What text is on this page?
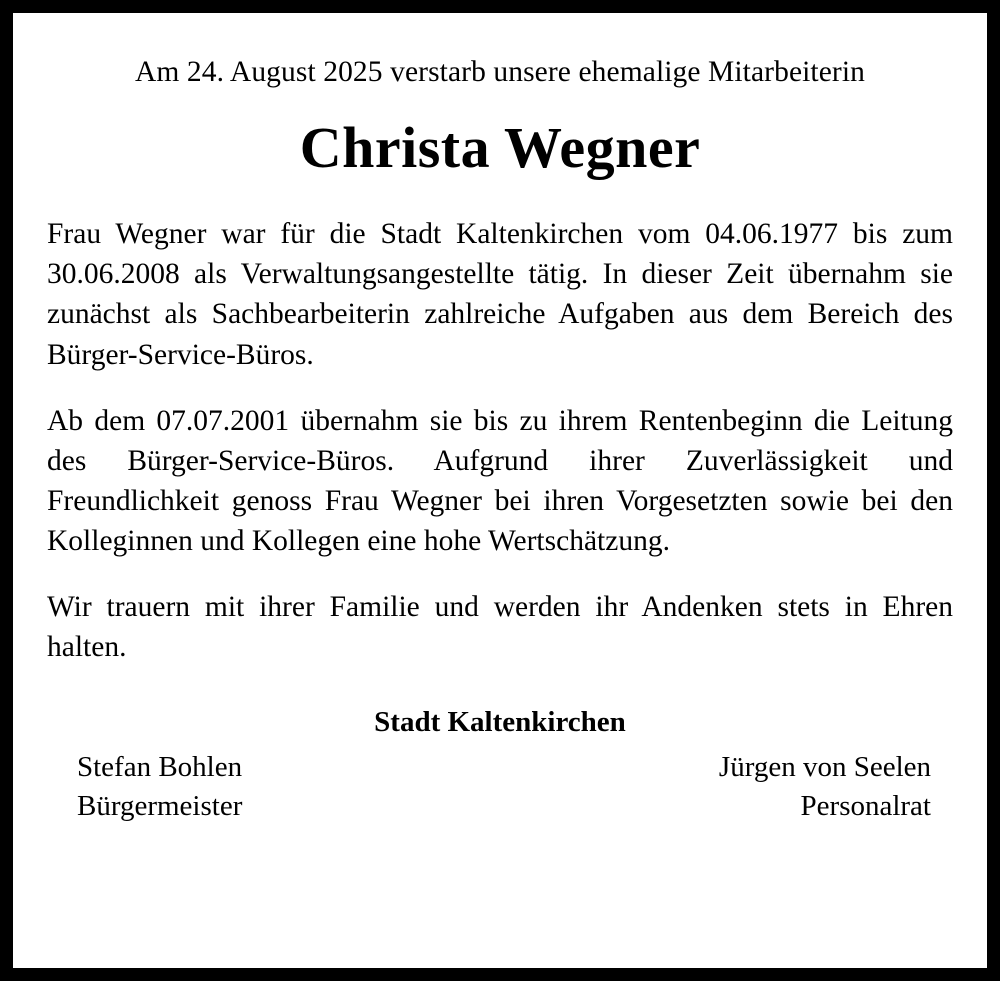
Am 24. August 2025 verstarb unsere ehemalige Mitarbeiterin

Christa Wegner

Frau Wegner war für die Stadt Kaltenkirchen vom 04.06.1977 bis zum 30.06.2008 als Verwaltungsangestellte tätig. In dieser Zeit übernahm sie zunächst als Sachbearbeiterin zahlreiche Aufgaben aus dem Bereich des Bürger-Service-Büros.

Ab dem 07.07.2001 übernahm sie bis zu ihrem Rentenbeginn die Leitung des Bürger-Service-Büros. Aufgrund ihrer Zuverlässigkeit und Freundlichkeit genoss Frau Wegner bei ihren Vorgesetzten sowie bei den Kolleginnen und Kollegen eine hohe Wertschätzung.

Wir trauern mit ihrer Familie und werden ihr Andenken stets in Ehren halten.

Stadt Kaltenkirchen

Stefan Bohlen
Bürgermeister
Jürgen von Seelen
Personalrat
